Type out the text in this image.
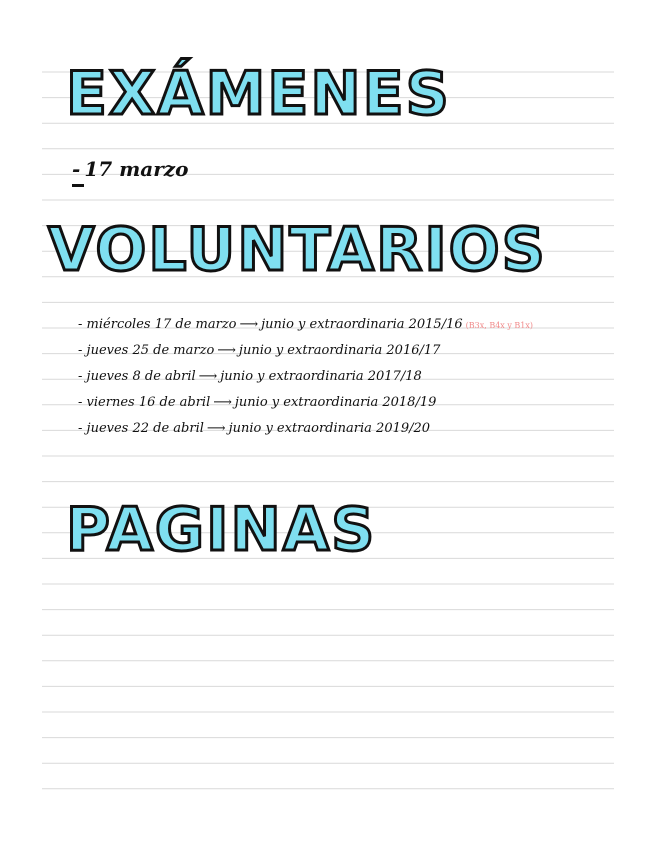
EXÁMENES
- 17 marzo
VOLUNTARIOS
- miércoles 17 de marzo ⟶ junio y extraordinaria 2015/16 (B3x, B4x y B1x)
- jueves 25 de marzo ⟶ junio y extraordinaria 2016/17
- jueves 8 de abril ⟶ junio y extraordinaria 2017/18
- viernes 16 de abril ⟶ junio y extraordinaria 2018/19
- jueves 22 de abril ⟶ junio y extraordinaria 2019/20
PAGINAS
